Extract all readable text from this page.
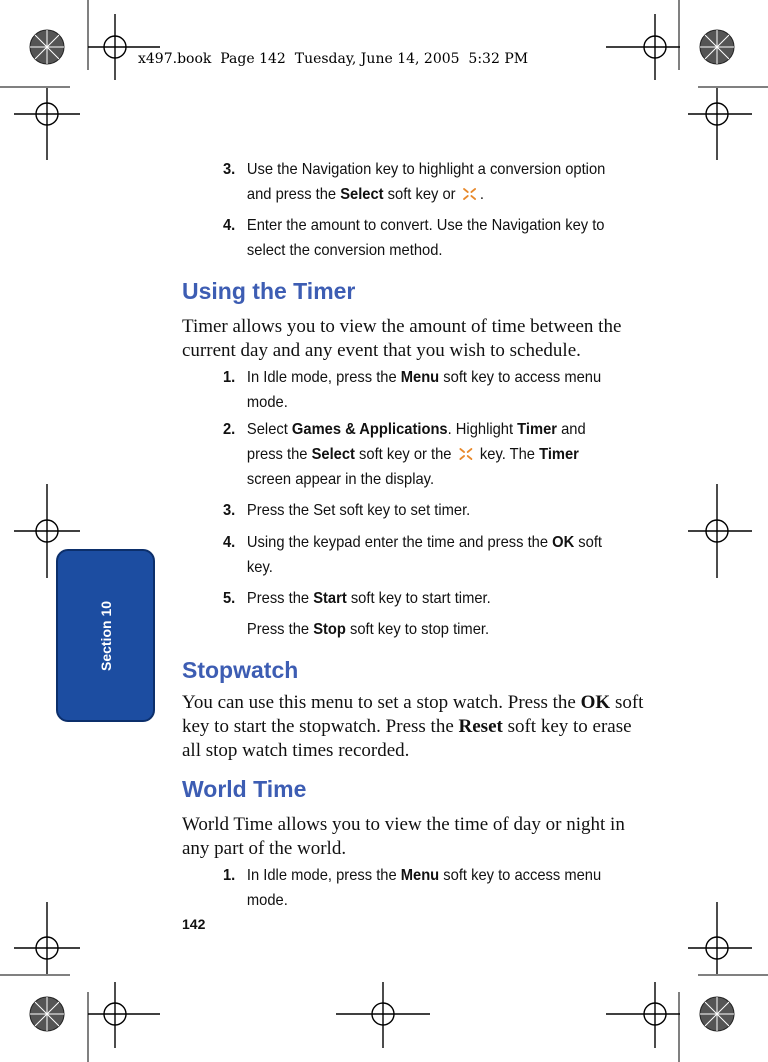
x497.book  Page 142  Tuesday, June 14, 2005  5:32 PM
Section 10
3. Use the Navigation key to highlight a conversion option and press the Select soft key or .
4. Enter the amount to convert. Use the Navigation key to select the conversion method.
Using the Timer
Timer allows you to view the amount of time between the current day and any event that you wish to schedule.
1. In Idle mode, press the Menu soft key to access menu mode.
2. Select Games & Applications. Highlight Timer and press the Select soft key or the  key. The Timer screen appear in the display.
3. Press the Set soft key to set timer.
4. Using the keypad enter the time and press the OK soft key.
5. Press the Start soft key to start timer.
Press the Stop soft key to stop timer.
Stopwatch
You can use this menu to set a stop watch. Press the OK soft key to start the stopwatch. Press the Reset soft key to erase all stop watch times recorded.
World Time
World Time allows you to view the time of day or night in any part of the world.
1. In Idle mode, press the Menu soft key to access menu mode.
142
